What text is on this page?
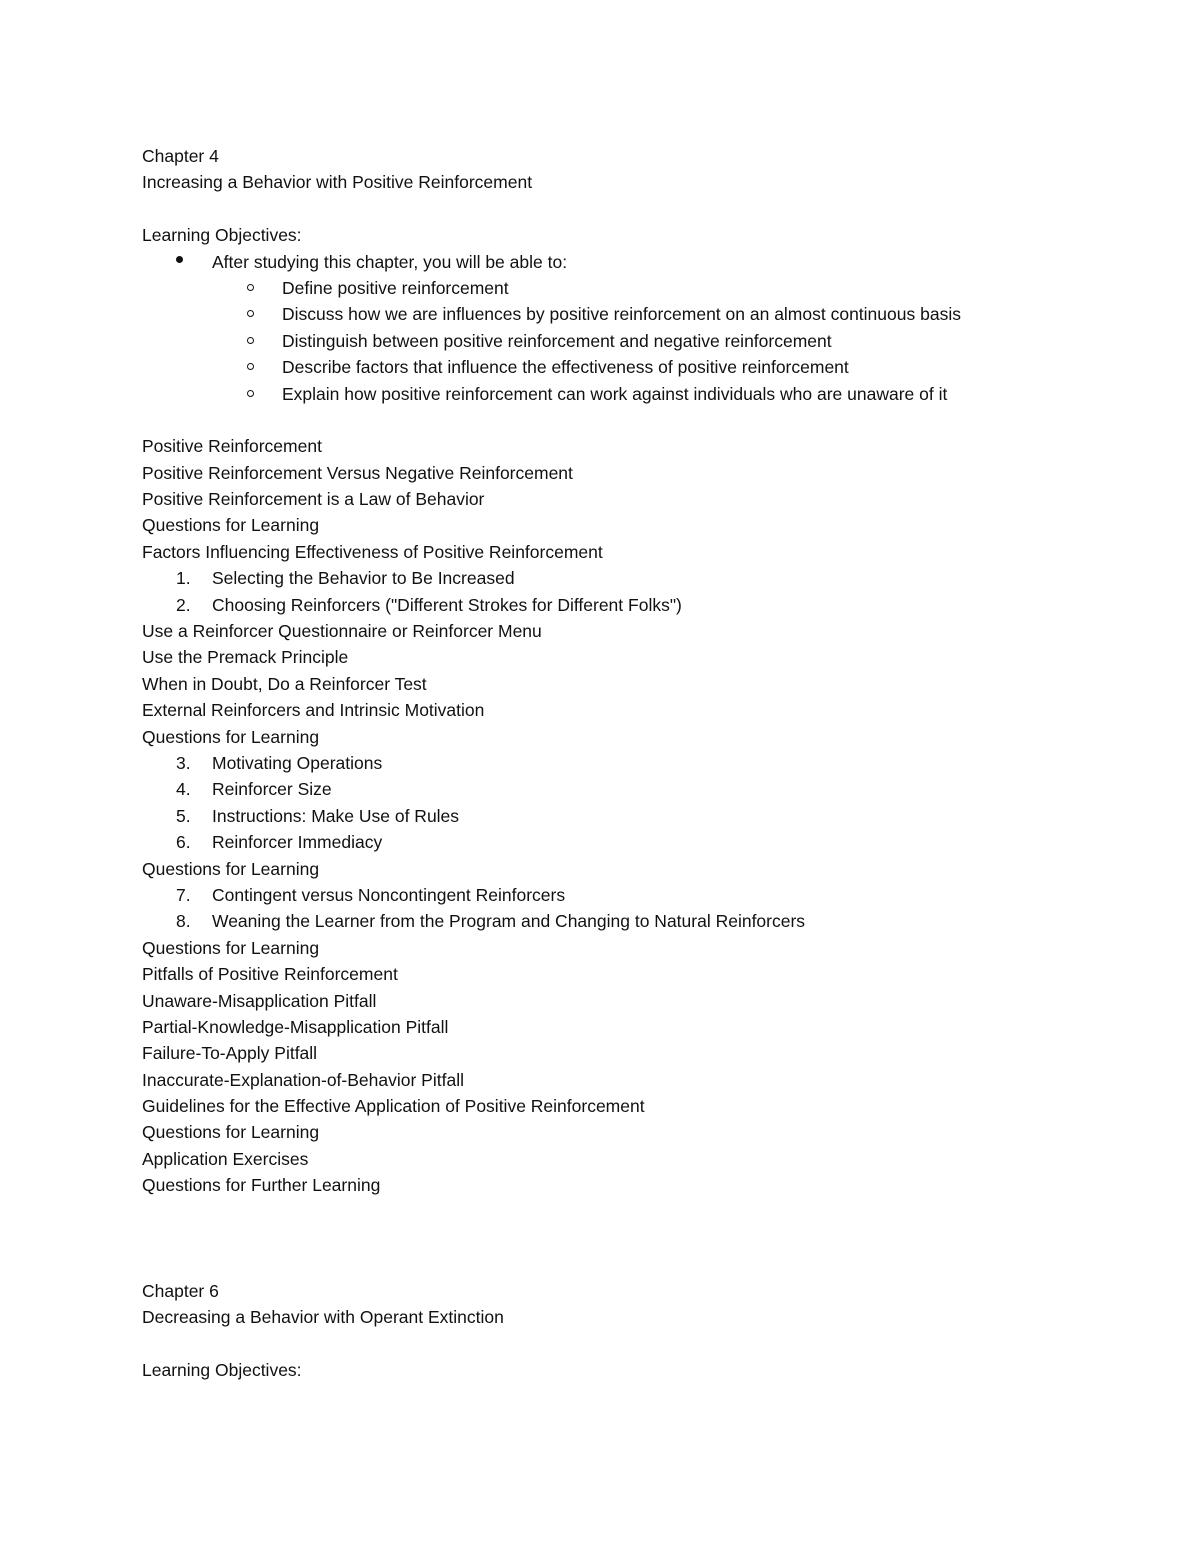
Chapter 4
Increasing a Behavior with Positive Reinforcement
Learning Objectives:
After studying this chapter, you will be able to:
Define positive reinforcement
Discuss how we are influences by positive reinforcement on an almost continuous basis
Distinguish between positive reinforcement and negative reinforcement
Describe factors that influence the effectiveness of positive reinforcement
Explain how positive reinforcement can work against individuals who are unaware of it
Positive Reinforcement
Positive Reinforcement Versus Negative Reinforcement
Positive Reinforcement is a Law of Behavior
Questions for Learning
Factors Influencing Effectiveness of Positive Reinforcement
1. Selecting the Behavior to Be Increased
2. Choosing Reinforcers ("Different Strokes for Different Folks")
Use a Reinforcer Questionnaire or Reinforcer Menu
Use the Premack Principle
When in Doubt, Do a Reinforcer Test
External Reinforcers and Intrinsic Motivation
Questions for Learning
3. Motivating Operations
4. Reinforcer Size
5. Instructions: Make Use of Rules
6. Reinforcer Immediacy
Questions for Learning
7. Contingent versus Noncontingent Reinforcers
8. Weaning the Learner from the Program and Changing to Natural Reinforcers
Questions for Learning
Pitfalls of Positive Reinforcement
Unaware-Misapplication Pitfall
Partial-Knowledge-Misapplication Pitfall
Failure-To-Apply Pitfall
Inaccurate-Explanation-of-Behavior Pitfall
Guidelines for the Effective Application of Positive Reinforcement
Questions for Learning
Application Exercises
Questions for Further Learning
Chapter 6
Decreasing a Behavior with Operant Extinction
Learning Objectives:
